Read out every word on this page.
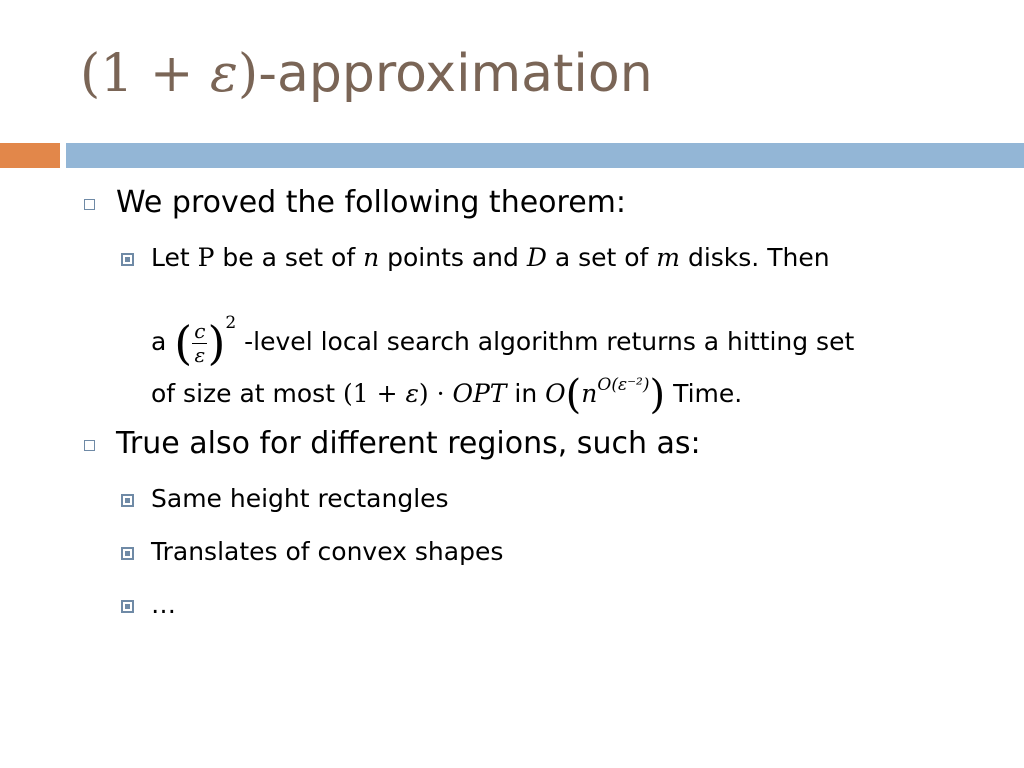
(1 + ε)-approximation
We proved the following theorem:
Let P be a set of n points and D a set of m disks. Then
a ( $\frac{c}{\varepsilon} )^2$ -level local search algorithm returns a hitting set
of size at most (1 + ε) · OPT in $O(n^{O(\varepsilon^{-2})})$ Time.
True also for different regions, such as:
Same height rectangles
Translates of convex shapes
…
